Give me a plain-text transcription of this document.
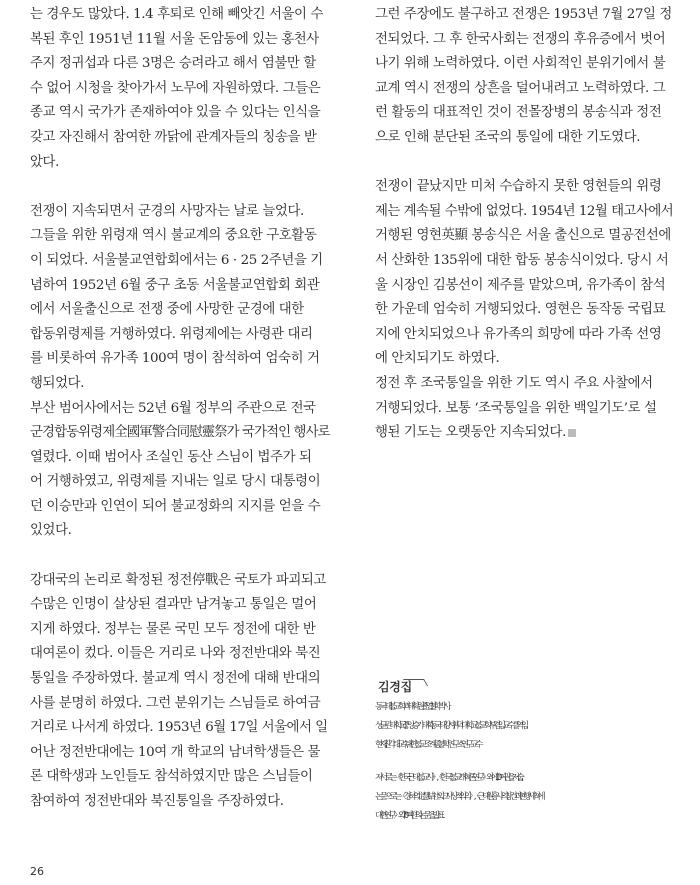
는 경우도 많았다. 1.4 후퇴로 인해 빼앗긴 서울이 수
복된 후인 1951년 11월 서울 돈암동에 있는 홍천사
주지 정귀섭과 다른 3명은 승려라고 해서 염불만 할
수 없어 시청을 찾아가서 노무에 자원하였다. 그들은
종교 역시 국가가 존재하여야 있을 수 있다는 인식을
갖고 자진해서 참여한 까닭에 관계자들의 칭송을 받
았다.

전쟁이 지속되면서 군경의 사망자는 날로 늘었다.
그들을 위한 위령재 역시 불교계의 중요한 구호활동
이 되었다. 서울불교연합회에서는 6 · 25 2주년을 기
념하여 1952년 6월 중구 초동 서울불교연합회 회관
에서 서울출신으로 전쟁 중에 사망한 군경에 대한
합동위령제를 거행하였다. 위령제에는 사령관 대리
를 비롯하여 유가족 100여 명이 참석하여 엄숙히 거
행되었다.

부산 범어사에서는 52년 6월 정부의 주관으로 전국
군경합동위령제全國軍警合同慰靈祭가 국가적인 행사로
열렸다. 이때 범어사 조실인 동산 스님이 법주가 되
어 거행하였고, 위령제를 지내는 일로 당시 대통령이
던 이승만과 인연이 되어 불교정화의 지지를 얻을 수
있었다.

강대국의 논리로 확정된 정전停戰은 국토가 파괴되고
수많은 인명이 살상된 결과만 남겨놓고 통일은 멀어
지게 하였다. 정부는 물론 국민 모두 정전에 대한 반
대여론이 컸다. 이들은 거리로 나와 정전반대와 북진
통일을 주장하였다. 불교계 역시 정전에 대해 반대의
사를 분명히 하였다. 그런 분위기는 스님들로 하여금
거리로 나서게 하였다. 1953년 6월 17일 서울에서 일
어난 정전반대에는 10여 개 학교의 남녀학생들은 물
론 대학생과 노인들도 참석하였지만 많은 스님들이
참여하여 정전반대와 북진통일을 주장하였다.

그런 주장에도 불구하고 전쟁은 1953년 7월 27일 정
전되었다. 그 후 한국사회는 전쟁의 후유증에서 벗어
나기 위해 노력하였다. 이런 사회적인 분위기에서 불
교계 역시 전쟁의 상흔을 덜어내려고 노력하였다. 그
런 활동의 대표적인 것이 전몰장병의 봉송식과 정전
으로 인해 분단된 조국의 통일에 대한 기도였다.

전쟁이 끝났지만 미처 수습하지 못한 영현들의 위령
제는 계속될 수밖에 없었다. 1954년 12월 태고사에서
거행된 영현英顯 봉송식은 서울 출신으로 멸공전선에
서 산화한 135위에 대한 합동 봉송식이었다. 당시 서
울 시장인 김봉선이 제주를 맡았으며, 유가족이 참석
한 가운데 엄숙히 거행되었다. 영현은 동작동 국립묘
지에 안치되었으나 유가족의 희망에 따라 가족 선영
에 안치되기도 하였다.
정전 후 조국통일을 위한 기도 역시 주요 사찰에서
거행되었다. 보통 ‘조국통일을 위한 백일기도’로 설
행된 기도는 오랫동안 지속되었다.

김경집
동국대 불교학과 대학원 졸업. 철학박사,
성균관대학교, 중앙승가대학, 동국대 강사, 위덕대학교 불교학부 겸임교수를 역임.
현재, 진각대 교수, 대한불교조계종 불학연구소 연구교수
저서로는 《한국 근대불교사》, 《한국불교 개혁론 연구》 외에 10여 권을 저술,
논문으로는 〈경허의 定慧結社와 그 사상적 의의〉, 〈근대 원흥사의 창건과 현행세칙에
대한 연구〉 외 70여 편의 논문을 발표.
26
